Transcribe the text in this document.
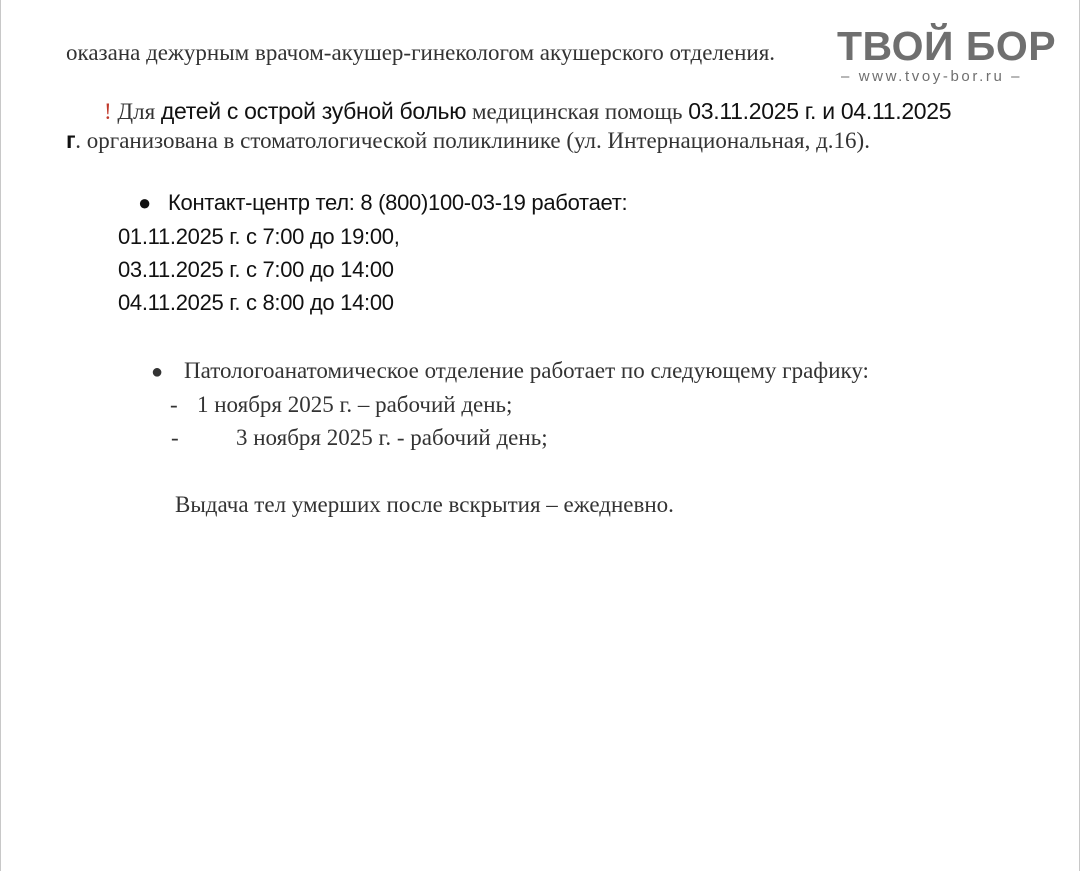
ТВОЙ БОР
– www.tvoy-bor.ru –
оказана дежурным врачом-акушер-гинекологом акушерского отделения.
! Для детей с острой зубной болью медицинская помощь 03.11.2025 г. и 04.11.2025
г. организована в стоматологической поликлинике (ул. Интернациональная, д.16).
● Контакт-центр тел: 8 (800)100-03-19 работает:
01.11.2025 г. с 7:00 до 19:00,
03.11.2025 г. с 7:00 до 14:00
04.11.2025 г. с 8:00 до 14:00
● Патологоанатомическое отделение работает по следующему графику:
- 1 ноября 2025 г. – рабочий день;
- 3 ноября 2025 г. - рабочий день;
Выдача тел умерших после вскрытия – ежедневно.
